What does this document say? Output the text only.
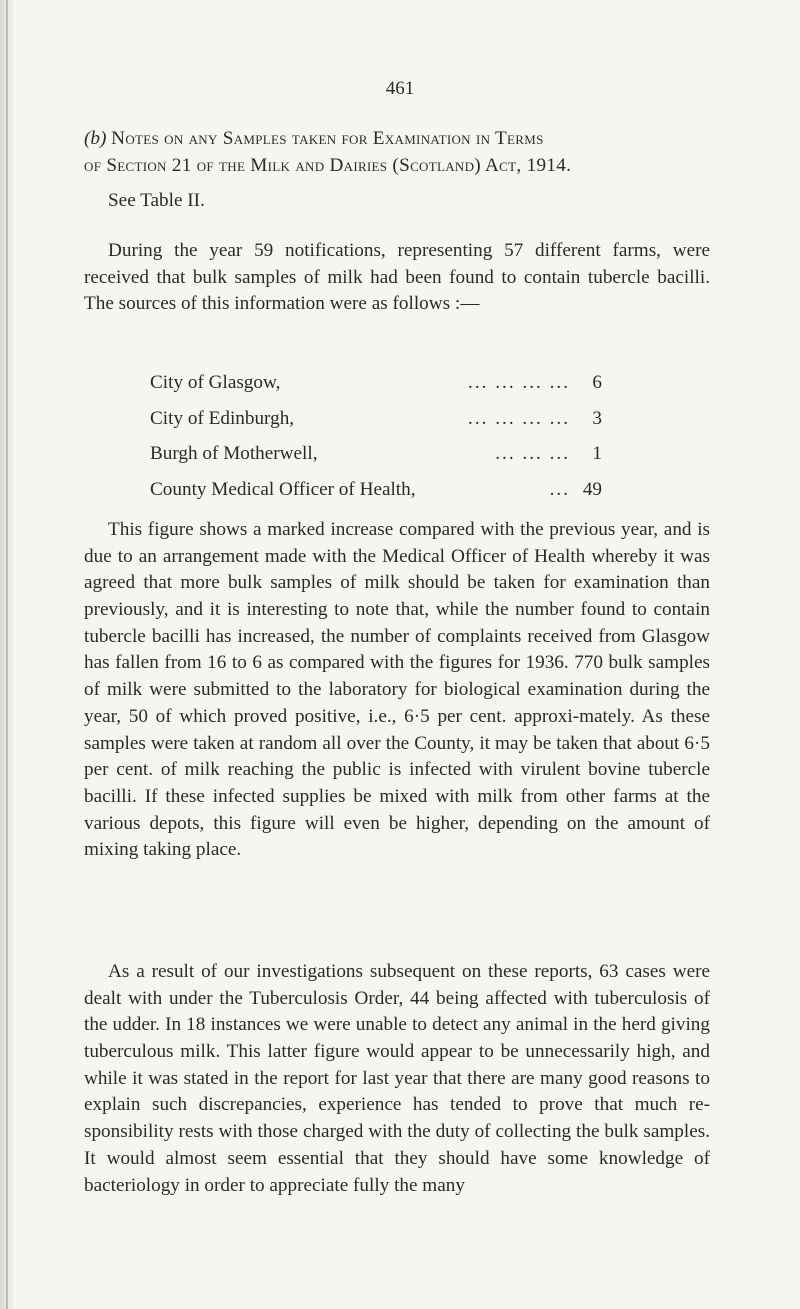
461
(b) Notes on any Samples taken for Examination in Terms
of Section 21 of the Milk and Dairies (Scotland) Act, 1914.
See Table II.

During the year 59 notifications, representing 57 different farms, were received that bulk samples of milk had been found to contain tubercle bacilli. The sources of this information were as follows :—

City of Glasgow,	... ... ... ...	6
City of Edinburgh,	... ... ... ...	3
Burgh of Motherwell,	... ... ...	1
County Medical Officer of Health,	... 49

This figure shows a marked increase compared with the previous year, and is due to an arrangement made with the Medical Officer of Health whereby it was agreed that more bulk samples of milk should be taken for examination than previously, and it is interesting to note that, while the number found to contain tubercle bacilli has increased, the number of complaints received from Glasgow has fallen from 16 to 6 as compared with the figures for 1936. 770 bulk samples of milk were submitted to the laboratory for biological examination during the year, 50 of which proved positive, i.e., 6·5 per cent. approxi-mately. As these samples were taken at random all over the County, it may be taken that about 6·5 per cent. of milk reaching the public is infected with virulent bovine tubercle bacilli. If these infected supplies be mixed with milk from other farms at the various depots, this figure will even be higher, depending on the amount of mixing taking place.

As a result of our investigations subsequent on these reports, 63 cases were dealt with under the Tuberculosis Order, 44 being affected with tuberculosis of the udder. In 18 instances we were unable to detect any animal in the herd giving tuberculous milk. This latter figure would appear to be unnecessarily high, and while it was stated in the report for last year that there are many good reasons to explain such discrepancies, experience has tended to prove that much re-sponsibility rests with those charged with the duty of collecting the bulk samples. It would almost seem essential that they should have some knowledge of bacteriology in order to appreciate fully the many
